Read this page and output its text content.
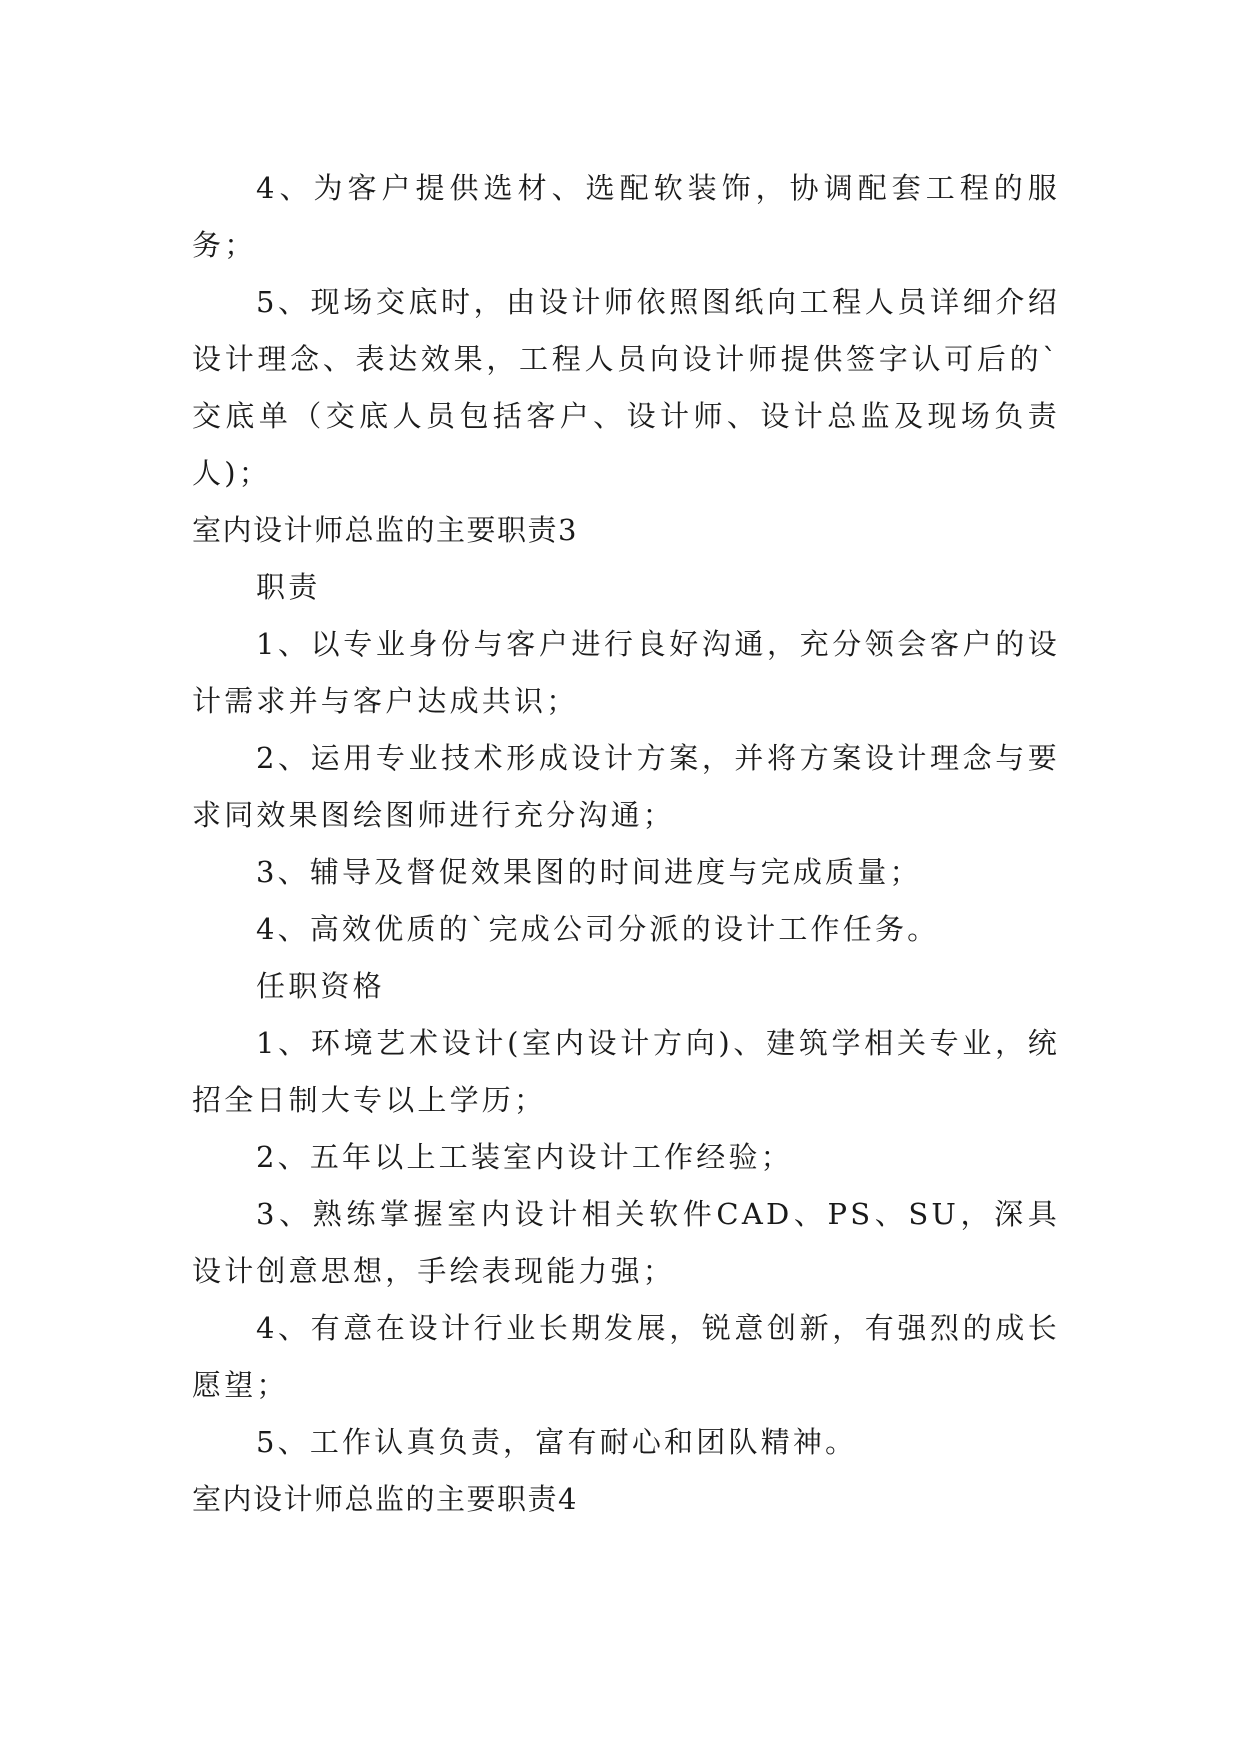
4、为客户提供选材、选配软装饰，协调配套工程的服务；

5、现场交底时，由设计师依照图纸向工程人员详细介绍设计理念、表达效果，工程人员向设计师提供签字认可后的`交底单（交底人员包括客户、设计师、设计总监及现场负责人)；

室内设计师总监的主要职责3

职责

1、以专业身份与客户进行良好沟通，充分领会客户的设计需求并与客户达成共识；

2、运用专业技术形成设计方案，并将方案设计理念与要求同效果图绘图师进行充分沟通；

3、辅导及督促效果图的时间进度与完成质量；

4、高效优质的`完成公司分派的设计工作任务。

任职资格

1、环境艺术设计(室内设计方向)、建筑学相关专业，统招全日制大专以上学历；

2、五年以上工装室内设计工作经验；

3、熟练掌握室内设计相关软件CAD、PS、SU，深具设计创意思想，手绘表现能力强；

4、有意在设计行业长期发展，锐意创新，有强烈的成长愿望；

5、工作认真负责，富有耐心和团队精神。

室内设计师总监的主要职责4
